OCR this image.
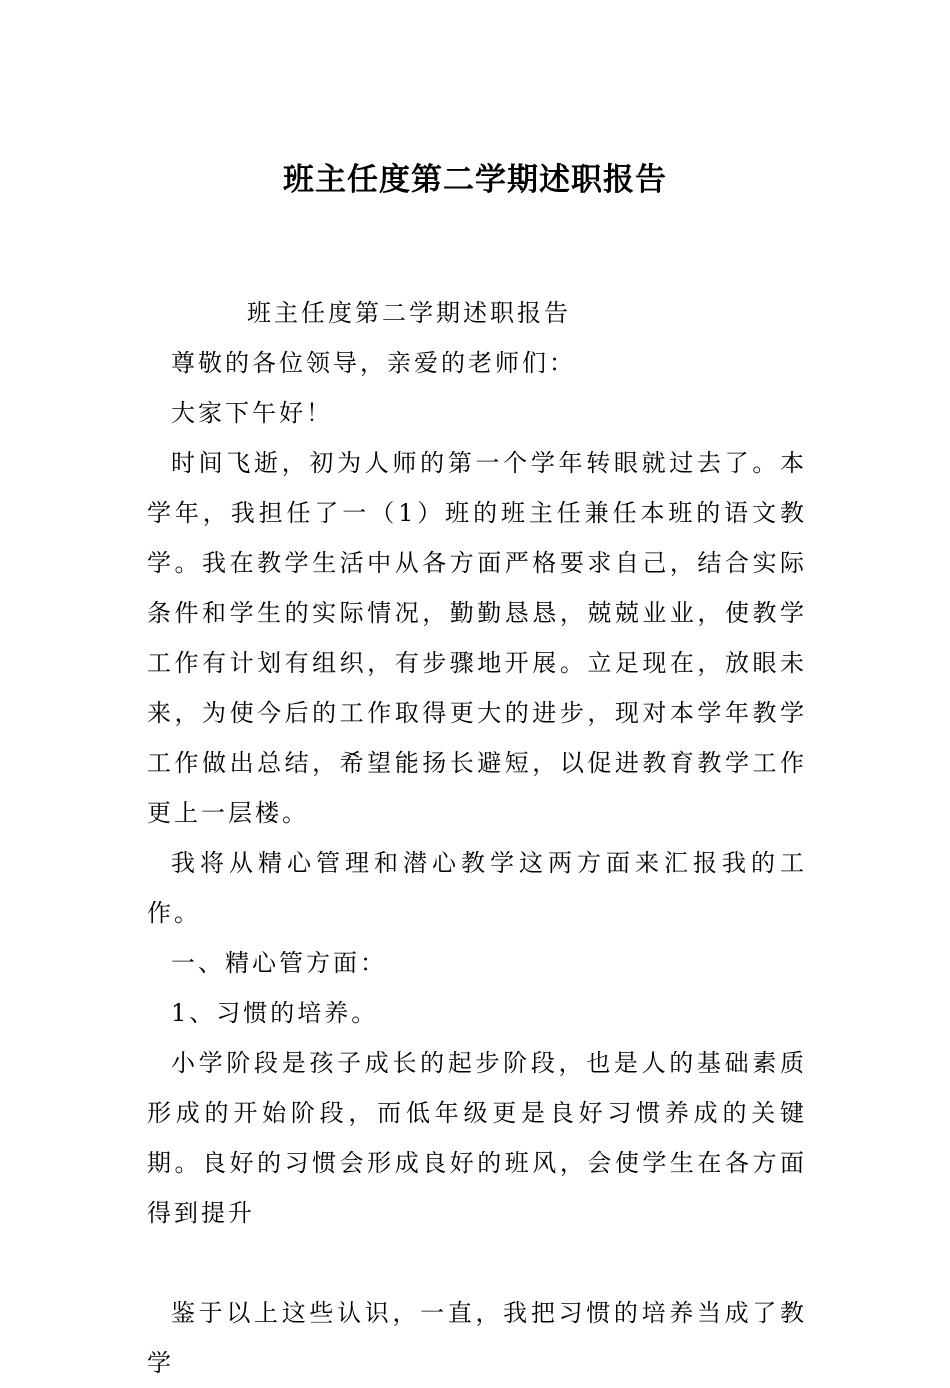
班主任度第二学期述职报告
班主任度第二学期述职报告

尊敬的各位领导，亲爱的老师们：

大家下午好！

时间飞逝，初为人师的第一个学年转眼就过去了。本学年，我担任了一（1）班的班主任兼任本班的语文教学。我在教学生活中从各方面严格要求自己，结合实际条件和学生的实际情况，勤勤恳恳，兢兢业业，使教学工作有计划有组织，有步骤地开展。立足现在，放眼未来，为使今后的工作取得更大的进步，现对本学年教学工作做出总结，希望能扬长避短，以促进教育教学工作更上一层楼。

我将从精心管理和潜心教学这两方面来汇报我的工作。

一、精心管方面：

1、习惯的培养。

小学阶段是孩子成长的起步阶段，也是人的基础素质形成的开始阶段，而低年级更是良好习惯养成的关键期。良好的习惯会形成良好的班风，会使学生在各方面得到提升

鉴于以上这些认识，一直，我把习惯的培养当成了教学
